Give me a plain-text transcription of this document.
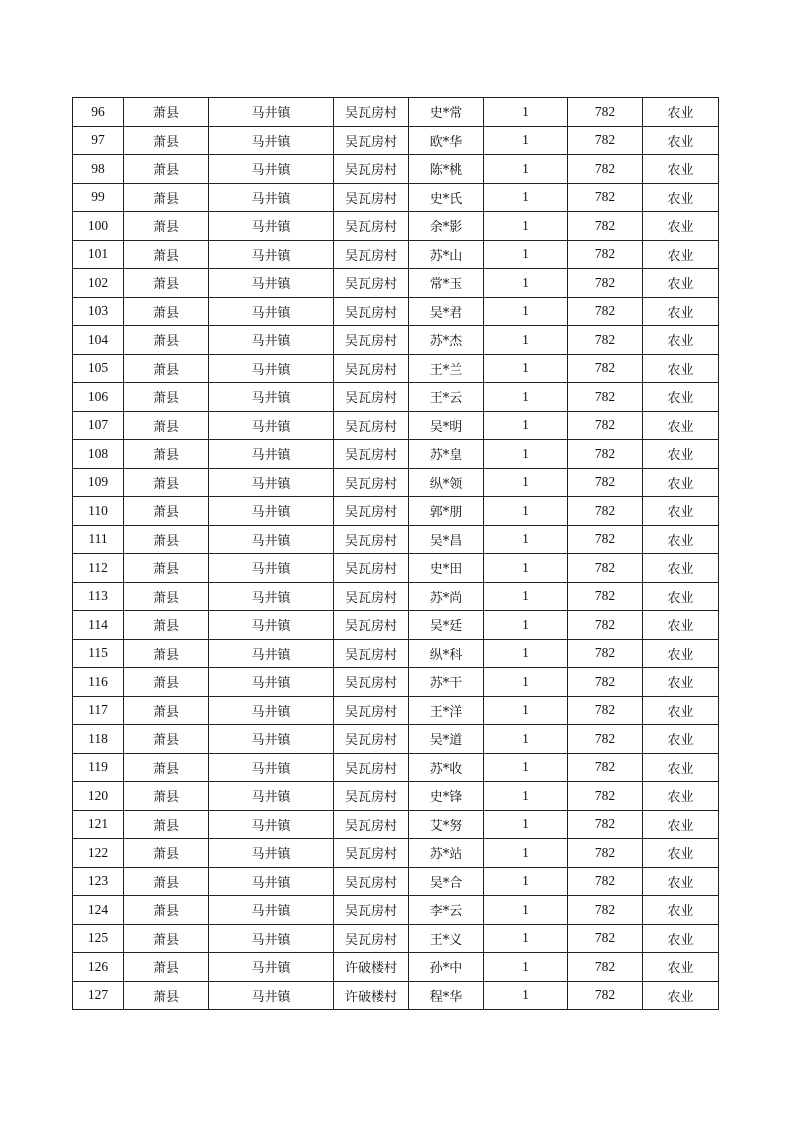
96	萧县	马井镇	吴瓦房村	史*常	1	782	农业
97	萧县	马井镇	吴瓦房村	欧*华	1	782	农业
98	萧县	马井镇	吴瓦房村	陈*桃	1	782	农业
99	萧县	马井镇	吴瓦房村	史*氏	1	782	农业
100	萧县	马井镇	吴瓦房村	余*影	1	782	农业
101	萧县	马井镇	吴瓦房村	苏*山	1	782	农业
102	萧县	马井镇	吴瓦房村	常*玉	1	782	农业
103	萧县	马井镇	吴瓦房村	吴*君	1	782	农业
104	萧县	马井镇	吴瓦房村	苏*杰	1	782	农业
105	萧县	马井镇	吴瓦房村	王*兰	1	782	农业
106	萧县	马井镇	吴瓦房村	王*云	1	782	农业
107	萧县	马井镇	吴瓦房村	吴*明	1	782	农业
108	萧县	马井镇	吴瓦房村	苏*皇	1	782	农业
109	萧县	马井镇	吴瓦房村	纵*领	1	782	农业
110	萧县	马井镇	吴瓦房村	郭*朋	1	782	农业
111	萧县	马井镇	吴瓦房村	吴*昌	1	782	农业
112	萧县	马井镇	吴瓦房村	史*田	1	782	农业
113	萧县	马井镇	吴瓦房村	苏*尚	1	782	农业
114	萧县	马井镇	吴瓦房村	吴*廷	1	782	农业
115	萧县	马井镇	吴瓦房村	纵*科	1	782	农业
116	萧县	马井镇	吴瓦房村	苏*干	1	782	农业
117	萧县	马井镇	吴瓦房村	王*洋	1	782	农业
118	萧县	马井镇	吴瓦房村	吴*道	1	782	农业
119	萧县	马井镇	吴瓦房村	苏*收	1	782	农业
120	萧县	马井镇	吴瓦房村	史*锋	1	782	农业
121	萧县	马井镇	吴瓦房村	艾*努	1	782	农业
122	萧县	马井镇	吴瓦房村	苏*站	1	782	农业
123	萧县	马井镇	吴瓦房村	吴*合	1	782	农业
124	萧县	马井镇	吴瓦房村	李*云	1	782	农业
125	萧县	马井镇	吴瓦房村	王*义	1	782	农业
126	萧县	马井镇	许破楼村	孙*中	1	782	农业
127	萧县	马井镇	许破楼村	程*华	1	782	农业
